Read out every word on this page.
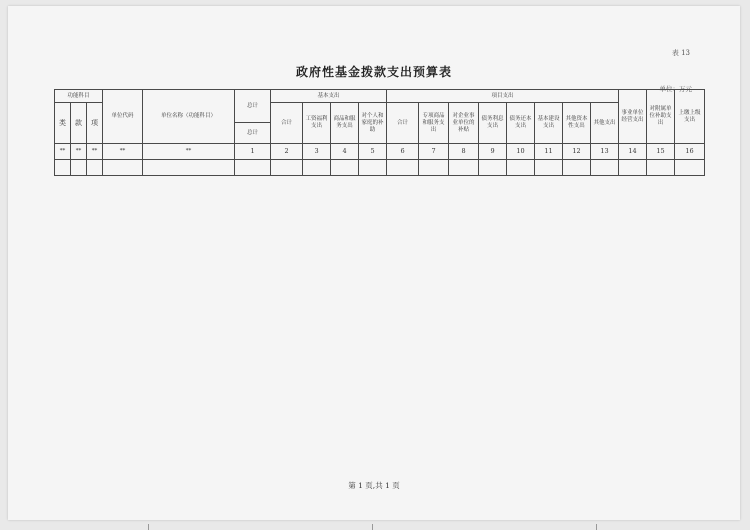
表 13
政府性基金拨款支出预算表
单位：万元
第 1 页,共 1 页
功能科目			单位代码	单位名称（功能科目）	总计	基本支出				项目支出								事业单位经营支出	对附属单位补助支出	上缴上级支出
类	款	项				合计	工资福利支出	商品和服务支出	对个人和家庭的补助	合计	专项商品和服务支出	对企业事业单位的补贴	债务利息支出	债务还本支出	基本建设支出	其他资本性支出	其他支出			
					总计															
**	**	**	**	**	1	2	3	4	5	6	7	8	9	10	11	12	13	14	15	16
